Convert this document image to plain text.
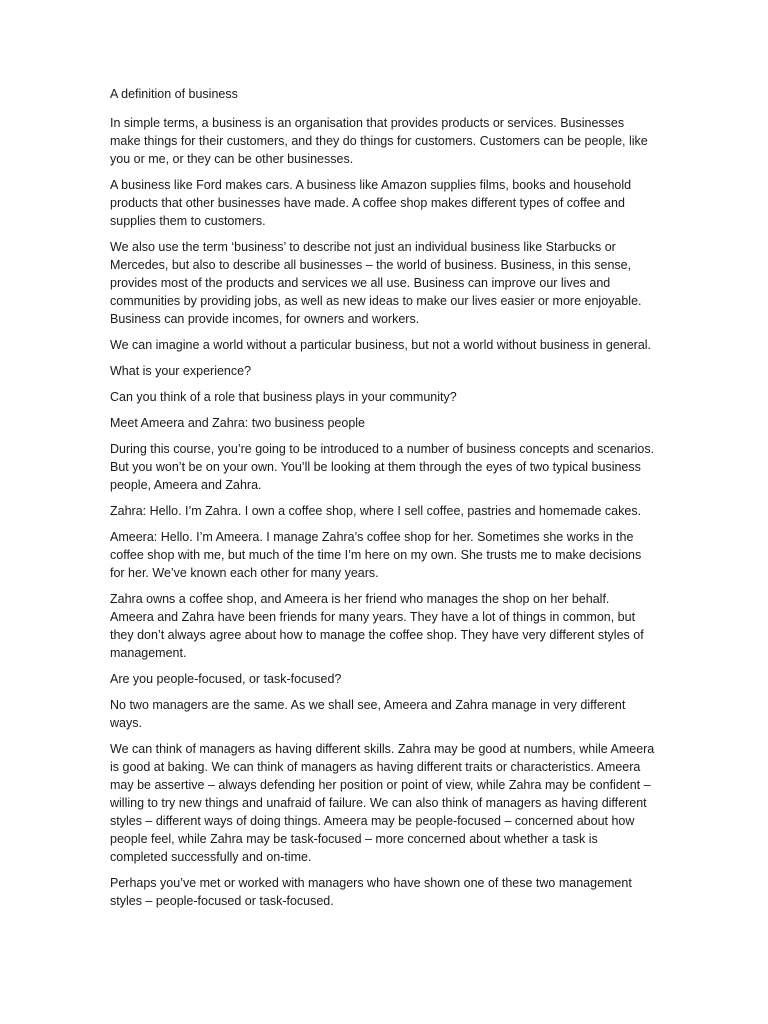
A definition of business

In simple terms, a business is an organisation that provides products or services. Businesses make things for their customers, and they do things for customers. Customers can be people, like you or me, or they can be other businesses.

A business like Ford makes cars. A business like Amazon supplies films, books and household products that other businesses have made. A coffee shop makes different types of coffee and supplies them to customers.

We also use the term ‘business’ to describe not just an individual business like Starbucks or Mercedes, but also to describe all businesses – the world of business. Business, in this sense, provides most of the products and services we all use. Business can improve our lives and communities by providing jobs, as well as new ideas to make our lives easier or more enjoyable. Business can provide incomes, for owners and workers.

We can imagine a world without a particular business, but not a world without business in general.

What is your experience?

Can you think of a role that business plays in your community?

Meet Ameera and Zahra: two business people

During this course, you’re going to be introduced to a number of business concepts and scenarios. But you won’t be on your own. You’ll be looking at them through the eyes of two typical business people, Ameera and Zahra.

Zahra: Hello. I’m Zahra. I own a coffee shop, where I sell coffee, pastries and homemade cakes.

Ameera: Hello. I’m Ameera. I manage Zahra’s coffee shop for her. Sometimes she works in the coffee shop with me, but much of the time I’m here on my own. She trusts me to make decisions for her. We’ve known each other for many years.

Zahra owns a coffee shop, and Ameera is her friend who manages the shop on her behalf. Ameera and Zahra have been friends for many years. They have a lot of things in common, but they don’t always agree about how to manage the coffee shop. They have very different styles of management.

Are you people-focused, or task-focused?

No two managers are the same. As we shall see, Ameera and Zahra manage in very different ways.

We can think of managers as having different skills. Zahra may be good at numbers, while Ameera is good at baking. We can think of managers as having different traits or characteristics. Ameera may be assertive – always defending her position or point of view, while Zahra may be confident – willing to try new things and unafraid of failure. We can also think of managers as having different styles – different ways of doing things. Ameera may be people-focused – concerned about how people feel, while Zahra may be task-focused – more concerned about whether a task is completed successfully and on-time.

Perhaps you’ve met or worked with managers who have shown one of these two management styles – people-focused or task-focused.
